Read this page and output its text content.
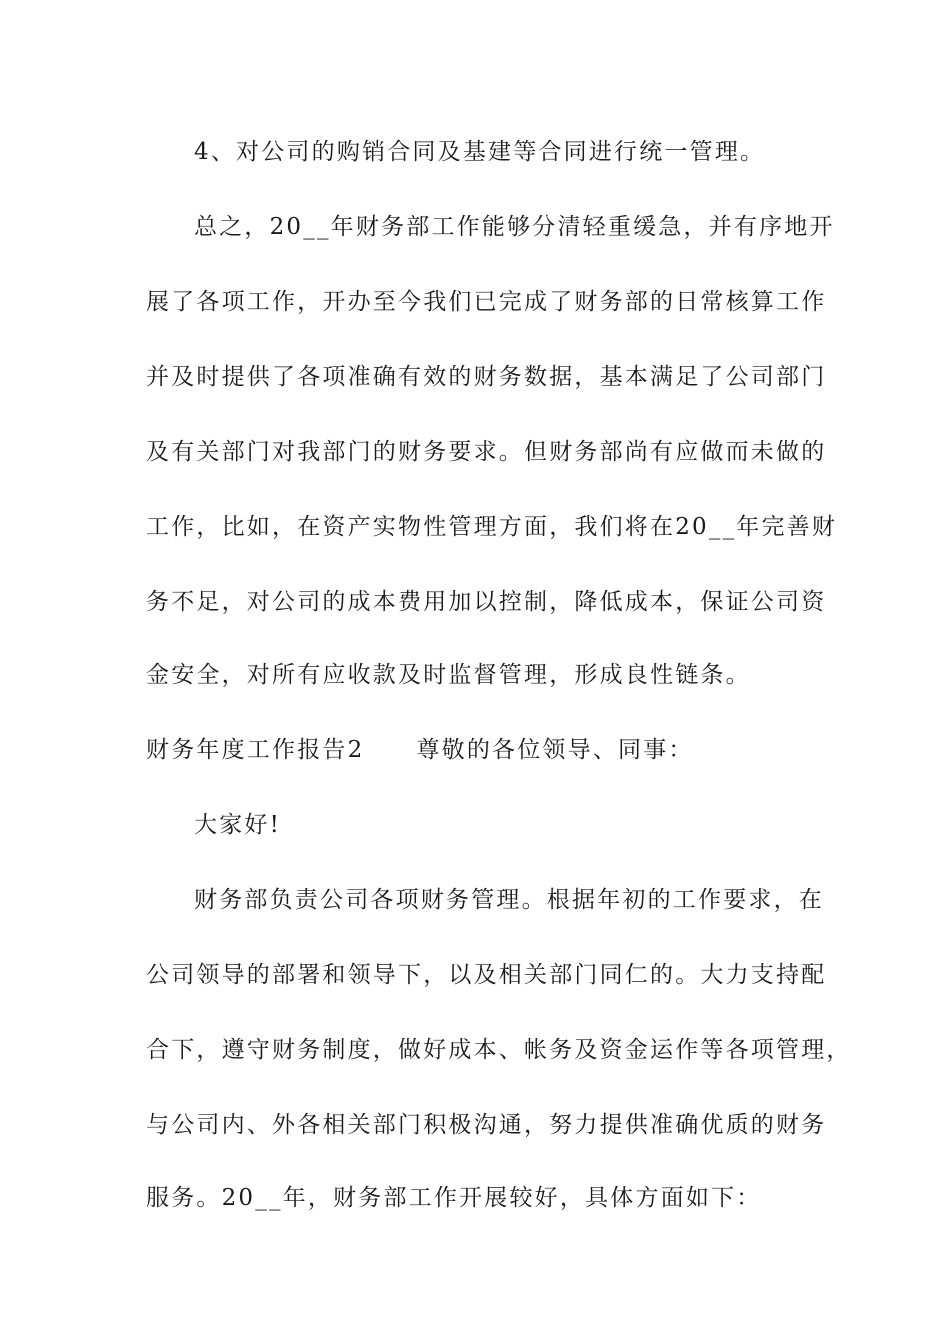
4、对公司的购销合同及基建等合同进行统一管理。
总之，20__年财务部工作能够分清轻重缓急，并有序地开
展了各项工作，开办至今我们已完成了财务部的日常核算工作
并及时提供了各项准确有效的财务数据，基本满足了公司部门
及有关部门对我部门的财务要求。但财务部尚有应做而未做的
工作，比如，在资产实物性管理方面，我们将在20__年完善财
务不足，对公司的成本费用加以控制，降低成本，保证公司资
金安全，对所有应收款及时监督管理，形成良性链条。
财务年度工作报告2 尊敬的各位领导、同事：
大家好!
财务部负责公司各项财务管理。根据年初的工作要求，在
公司领导的部署和领导下，以及相关部门同仁的。大力支持配
合下，遵守财务制度，做好成本、帐务及资金运作等各项管理，
与公司内、外各相关部门积极沟通，努力提供准确优质的财务
服务。20__年，财务部工作开展较好，具体方面如下：
